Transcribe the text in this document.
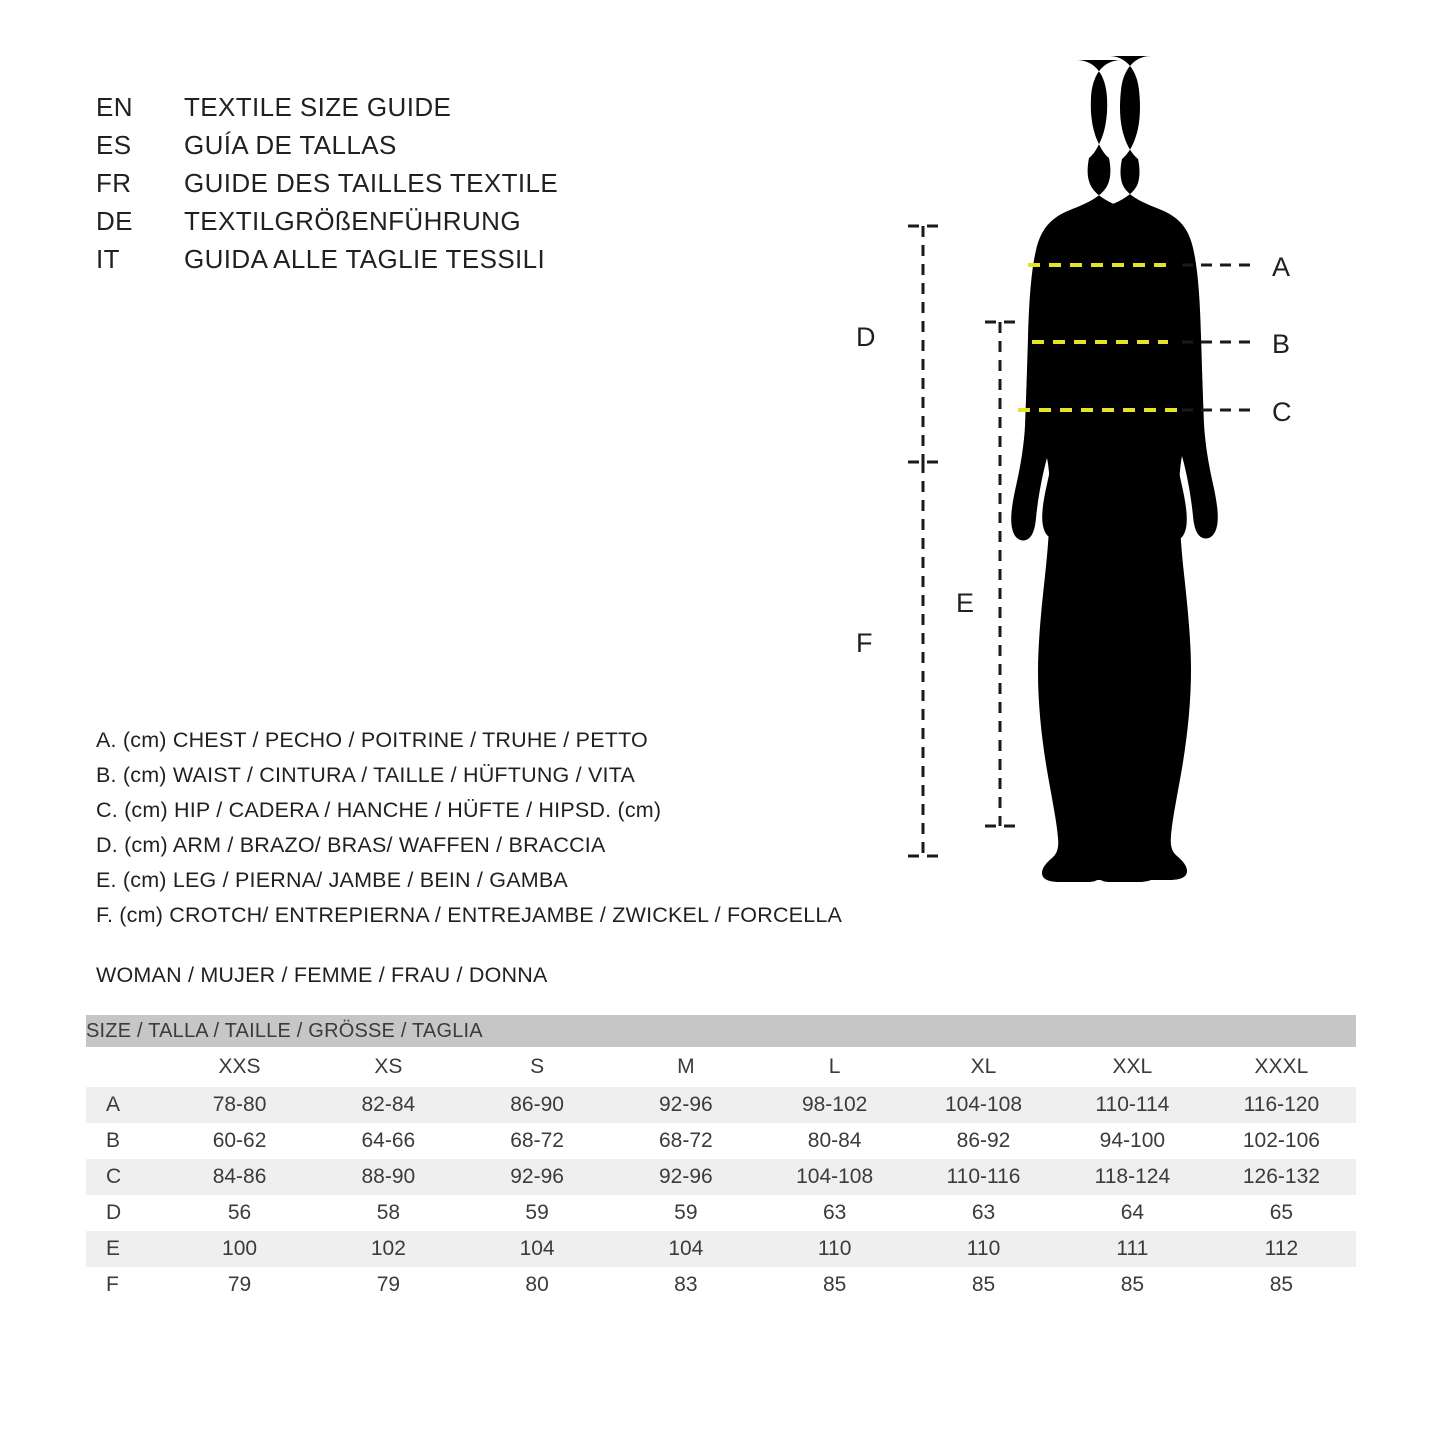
EN	TEXTILE SIZE GUIDE
ES	GUÍA DE TALLAS
FR	GUIDE DES TAILLES TEXTILE
DE	TEXTILGRÖßENFÜHRUNG
IT	GUIDA ALLE TAGLIE TESSILI	A
B
C
D
E
F
A. (cm) CHEST / PECHO / POITRINE / TRUHE / PETTO
B. (cm) WAIST / CINTURA / TAILLE / HÜFTUNG / VITA
C. (cm) HIP / CADERA / HANCHE / HÜFTE / HIPSD. (cm)
D. (cm) ARM / BRAZO/ BRAS/ WAFFEN / BRACCIA
E. (cm) LEG / PIERNA/ JAMBE / BEIN / GAMBA
F. (cm) CROTCH/ ENTREPIERNA / ENTREJAMBE / ZWICKEL / FORCELLA
WOMAN / MUJER / FEMME / FRAU / DONNA
SIZE / TALLA / TAILLE / GRÖSSE / TAGLIA								
	XXS	XS	S	M	L	XL	XXL	XXXL
A	78-80	82-84	86-90	92-96	98-102	104-108	110-114	116-120
B	60-62	64-66	68-72	68-72	80-84	86-92	94-100	102-106
C	84-86	88-90	92-96	92-96	104-108	110-116	118-124	126-132
D	56	58	59	59	63	63	64	65
E	100	102	104	104	110	110	111	112
F	79	79	80	83	85	85	85	85
